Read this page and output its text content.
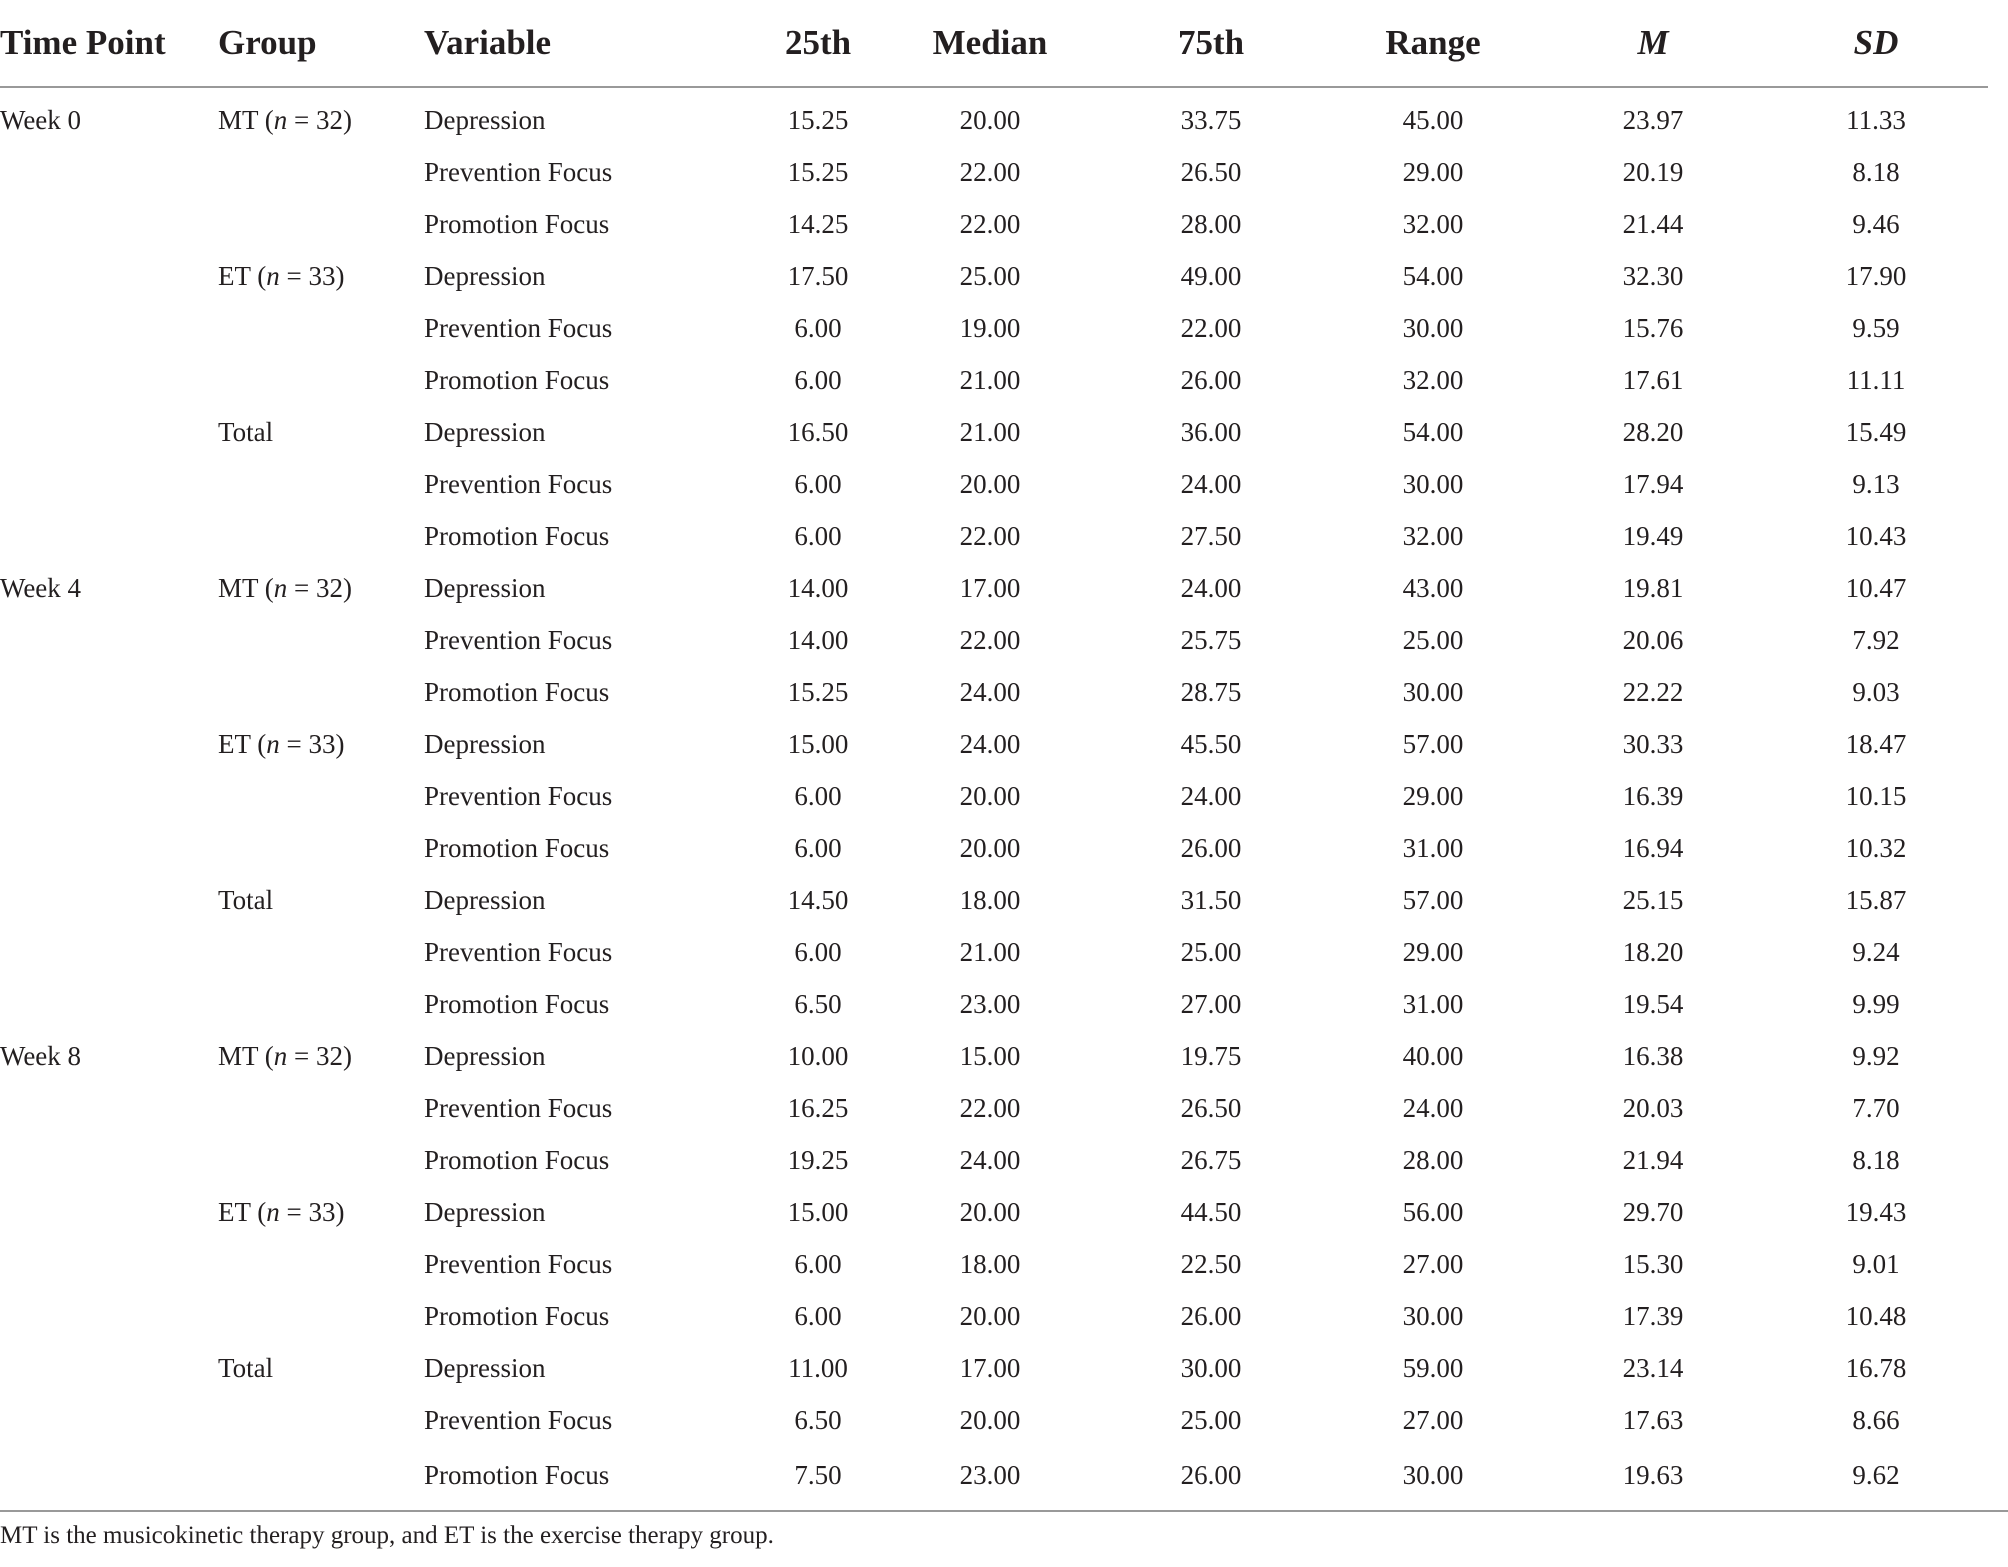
Time Point	Group	Variable	25th	Median	75th	Range	M	SD
Week 0	MT (n = 32)	Depression	15.25	20.00	33.75	45.00	23.97	11.33
		Prevention Focus	15.25	22.00	26.50	29.00	20.19	8.18
		Promotion Focus	14.25	22.00	28.00	32.00	21.44	9.46
	ET (n = 33)	Depression	17.50	25.00	49.00	54.00	32.30	17.90
		Prevention Focus	6.00	19.00	22.00	30.00	15.76	9.59
		Promotion Focus	6.00	21.00	26.00	32.00	17.61	11.11
	Total	Depression	16.50	21.00	36.00	54.00	28.20	15.49
		Prevention Focus	6.00	20.00	24.00	30.00	17.94	9.13
		Promotion Focus	6.00	22.00	27.50	32.00	19.49	10.43
Week 4	MT (n = 32)	Depression	14.00	17.00	24.00	43.00	19.81	10.47
		Prevention Focus	14.00	22.00	25.75	25.00	20.06	7.92
		Promotion Focus	15.25	24.00	28.75	30.00	22.22	9.03
	ET (n = 33)	Depression	15.00	24.00	45.50	57.00	30.33	18.47
		Prevention Focus	6.00	20.00	24.00	29.00	16.39	10.15
		Promotion Focus	6.00	20.00	26.00	31.00	16.94	10.32
	Total	Depression	14.50	18.00	31.50	57.00	25.15	15.87
		Prevention Focus	6.00	21.00	25.00	29.00	18.20	9.24
		Promotion Focus	6.50	23.00	27.00	31.00	19.54	9.99
Week 8	MT (n = 32)	Depression	10.00	15.00	19.75	40.00	16.38	9.92
		Prevention Focus	16.25	22.00	26.50	24.00	20.03	7.70
		Promotion Focus	19.25	24.00	26.75	28.00	21.94	8.18
	ET (n = 33)	Depression	15.00	20.00	44.50	56.00	29.70	19.43
		Prevention Focus	6.00	18.00	22.50	27.00	15.30	9.01
		Promotion Focus	6.00	20.00	26.00	30.00	17.39	10.48
	Total	Depression	11.00	17.00	30.00	59.00	23.14	16.78
		Prevention Focus	6.50	20.00	25.00	27.00	17.63	8.66
		Promotion Focus	7.50	23.00	26.00	30.00	19.63	9.62
MT is the musicokinetic therapy group, and ET is the exercise therapy group.
